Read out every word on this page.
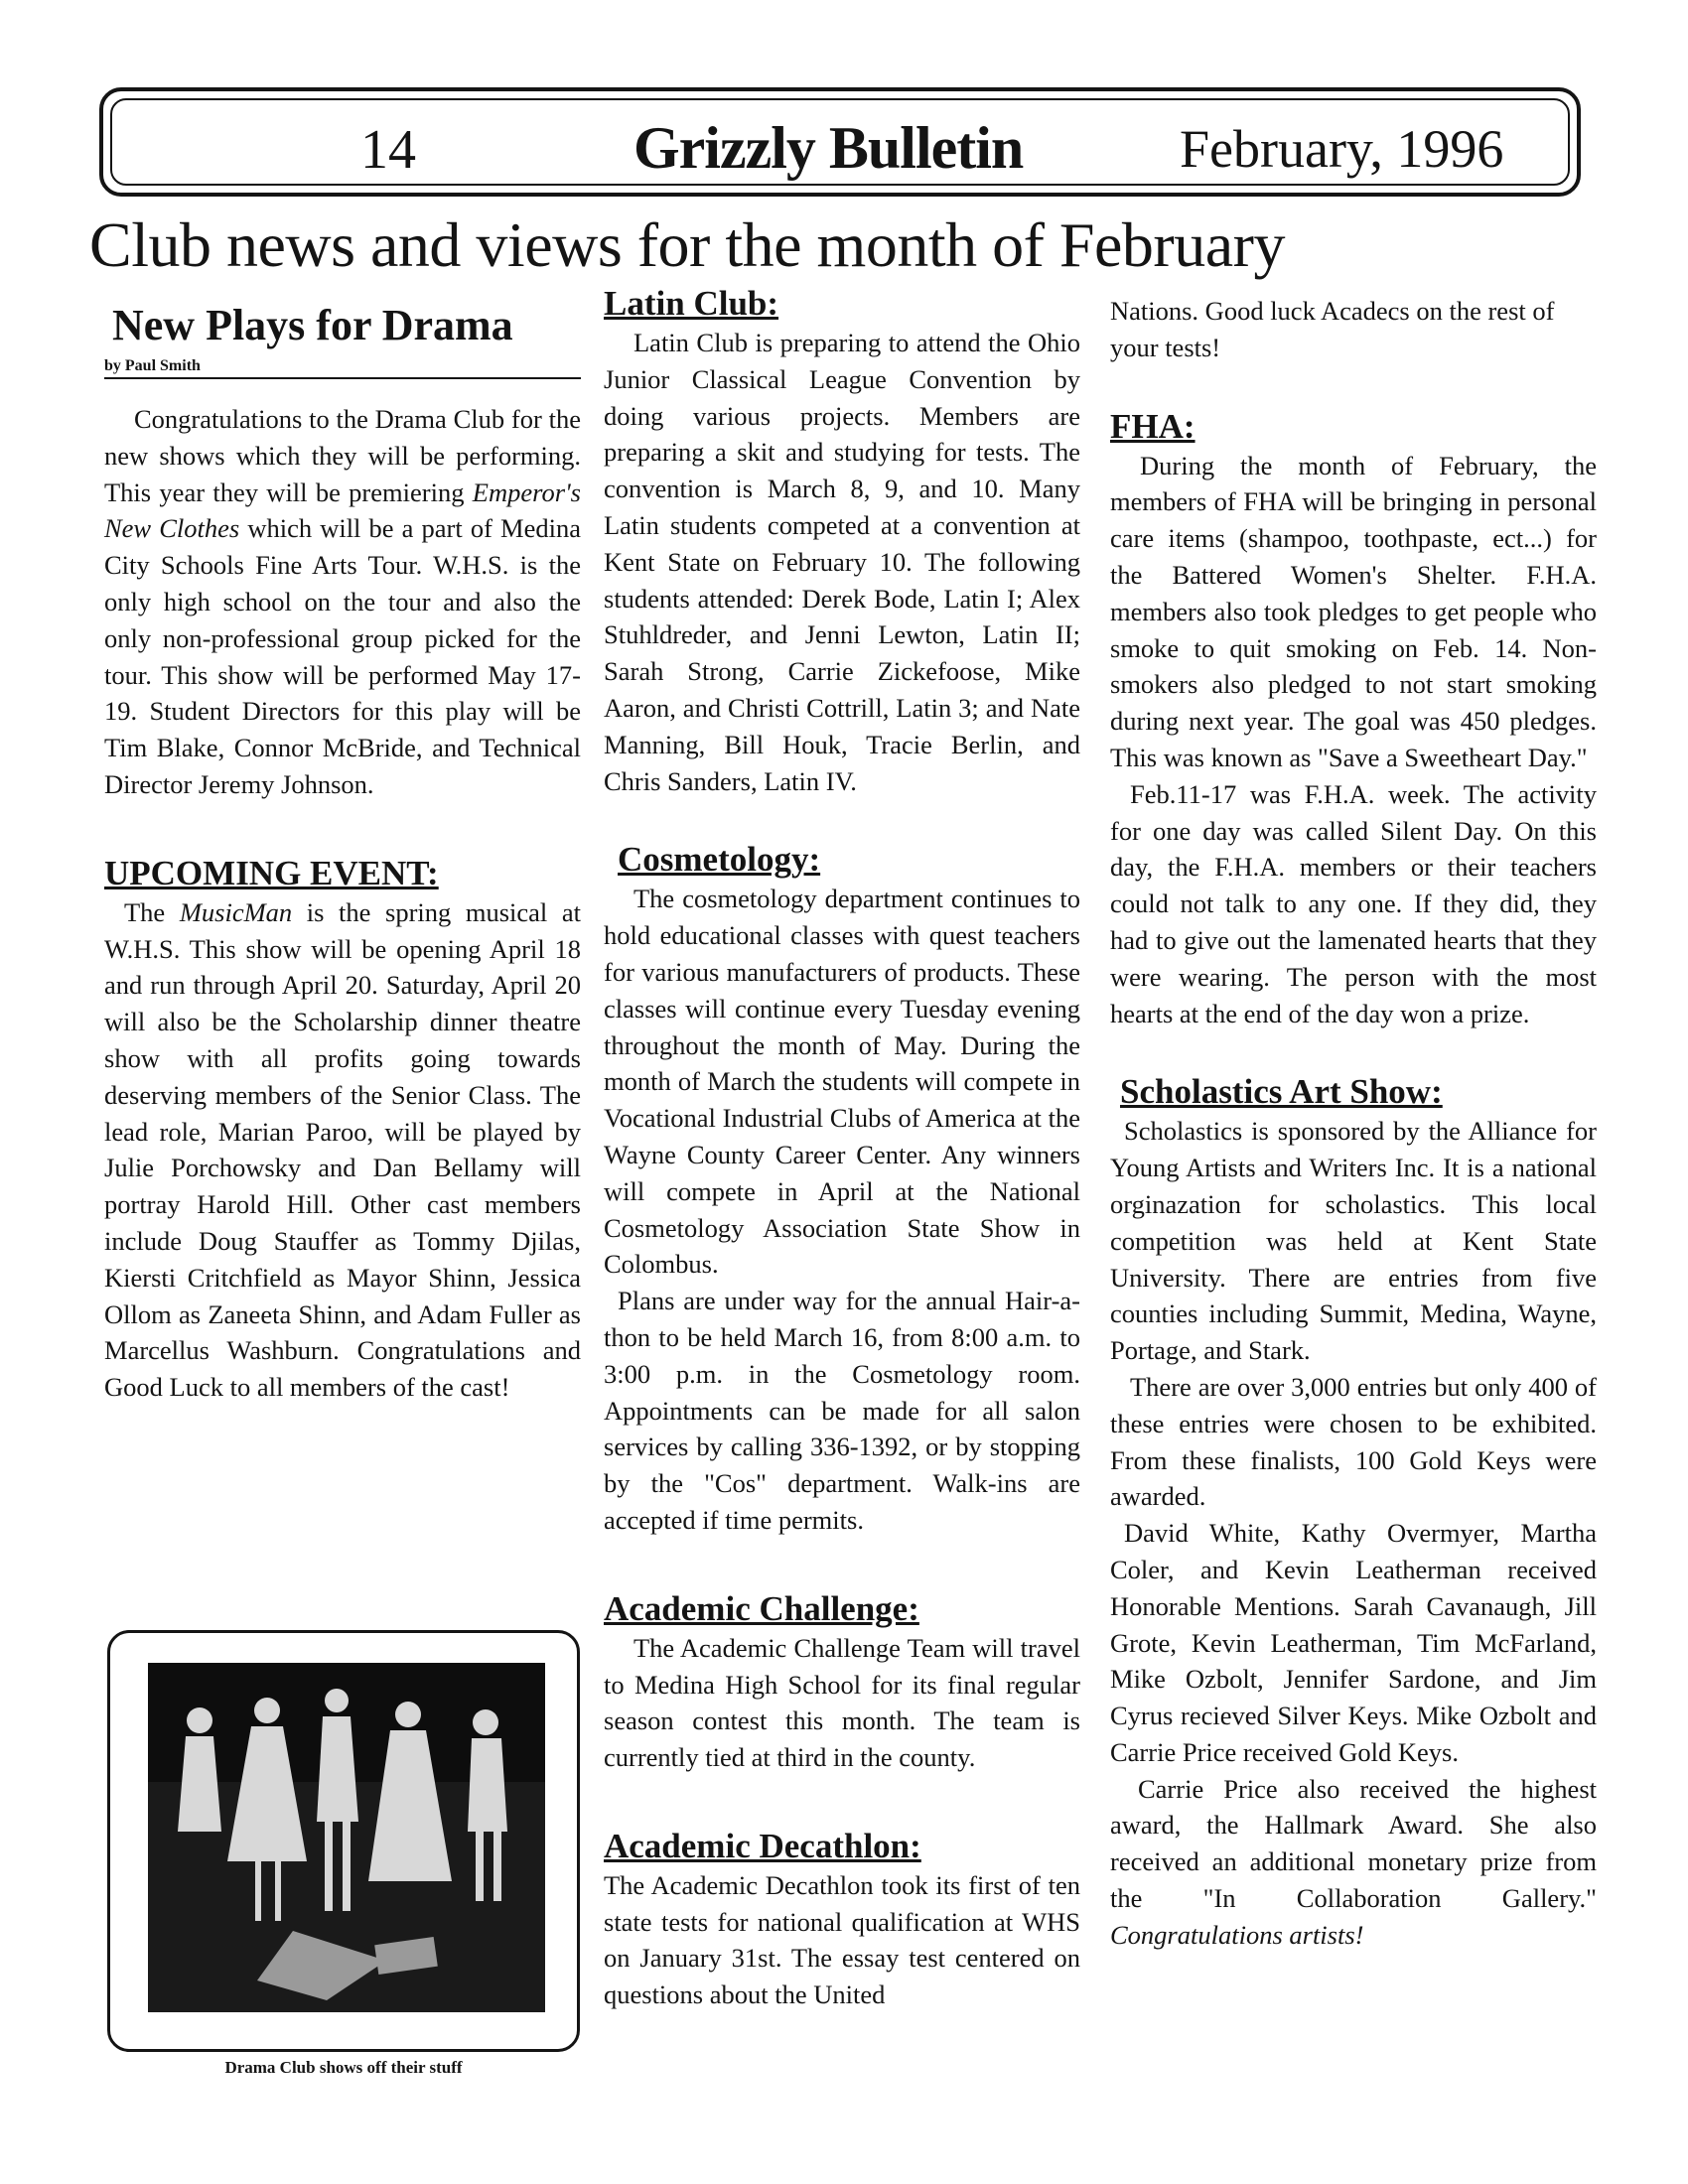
14	Grizzly Bulletin	February, 1996
Club news and views for the month of February
New Plays for Drama
by Paul Smith

Congratulations to the Drama Club for the new shows which they will be performing. This year they will be premiering Emperor's New Clothes which will be a part of Medina City Schools Fine Arts Tour. W.H.S. is the only high school on the tour and also the only non-professional group picked for the tour. This show will be performed May 17-19. Student Directors for this play will be Tim Blake, Connor McBride, and Technical Director Jeremy Johnson.

UPCOMING EVENT:

The MusicMan is the spring musical at W.H.S. This show will be opening April 18 and run through April 20. Saturday, April 20 will also be the Scholarship dinner theatre show with all profits going towards deserving members of the Senior Class. The lead role, Marian Paroo, will be played by Julie Porchowsky and Dan Bellamy will portray Harold Hill. Other cast members include Doug Stauffer as Tommy Djilas, Kiersti Critchfield as Mayor Shinn, Jessica Ollom as Zaneeta Shinn, and Adam Fuller as Marcellus Washburn. Congratulations and Good Luck to all members of the cast!

Drama Club shows off their stuff
Latin Club:

Latin Club is preparing to attend the Ohio Junior Classical League Convention by doing various projects. Members are preparing a skit and studying for tests. The convention is March 8, 9, and 10. Many Latin students competed at a convention at Kent State on February 10. The following students attended: Derek Bode, Latin I; Alex Stuhldreder, and Jenni Lewton, Latin II; Sarah Strong, Carrie Zickefoose, Mike Aaron, and Christi Cottrill, Latin 3; and Nate Manning, Bill Houk, Tracie Berlin, and Chris Sanders, Latin IV.

Cosmetology:

The cosmetology department continues to hold educational classes with quest teachers for various manufacturers of products. These classes will continue every Tuesday evening throughout the month of May. During the month of March the students will compete in Vocational Industrial Clubs of America at the Wayne County Career Center. Any winners will compete in April at the National Cosmetology Association State Show in Colombus.

Plans are under way for the annual Hair-a-thon to be held March 16, from 8:00 a.m. to 3:00 p.m. in the Cosmetology room. Appointments can be made for all salon services by calling 336-1392, or by stopping by the "Cos" department. Walk-ins are accepted if time permits.

Academic Challenge:

The Academic Challenge Team will travel to Medina High School for its final regular season contest this month. The team is currently tied at third in the county.

Academic Decathlon:

The Academic Decathlon took its first of ten state tests for national qualification at WHS on January 31st. The essay test centered on questions about the United

Nations. Good luck Acadecs on the rest of your tests!

FHA:

During the month of February, the members of FHA will be bringing in personal care items (shampoo, toothpaste, ect...) for the Battered Women's Shelter. F.H.A. members also took pledges to get people who smoke to quit smoking on Feb. 14. Non-smokers also pledged to not start smoking during next year. The goal was 450 pledges. This was known as "Save a Sweetheart Day."

Feb.11-17 was F.H.A. week. The activity for one day was called Silent Day. On this day, the F.H.A. members or their teachers could not talk to any one. If they did, they had to give out the lamenated hearts that they were wearing. The person with the most hearts at the end of the day won a prize.

Scholastics Art Show:

Scholastics is sponsored by the Alliance for Young Artists and Writers Inc. It is a national orginazation for scholastics. This local competition was held at Kent State University. There are entries from five counties including Summit, Medina, Wayne, Portage, and Stark.

There are over 3,000 entries but only 400 of these entries were chosen to be exhibited. From these finalists, 100 Gold Keys were awarded.

David White, Kathy Overmyer, Martha Coler, and Kevin Leatherman received Honorable Mentions. Sarah Cavanaugh, Jill Grote, Kevin Leatherman, Tim McFarland, Mike Ozbolt, Jennifer Sardone, and Jim Cyrus recieved Silver Keys. Mike Ozbolt and Carrie Price received Gold Keys.

Carrie Price also received the highest award, the Hallmark Award. She also received an additional monetary prize from the "In Collaboration Gallery." Congratulations artists!
